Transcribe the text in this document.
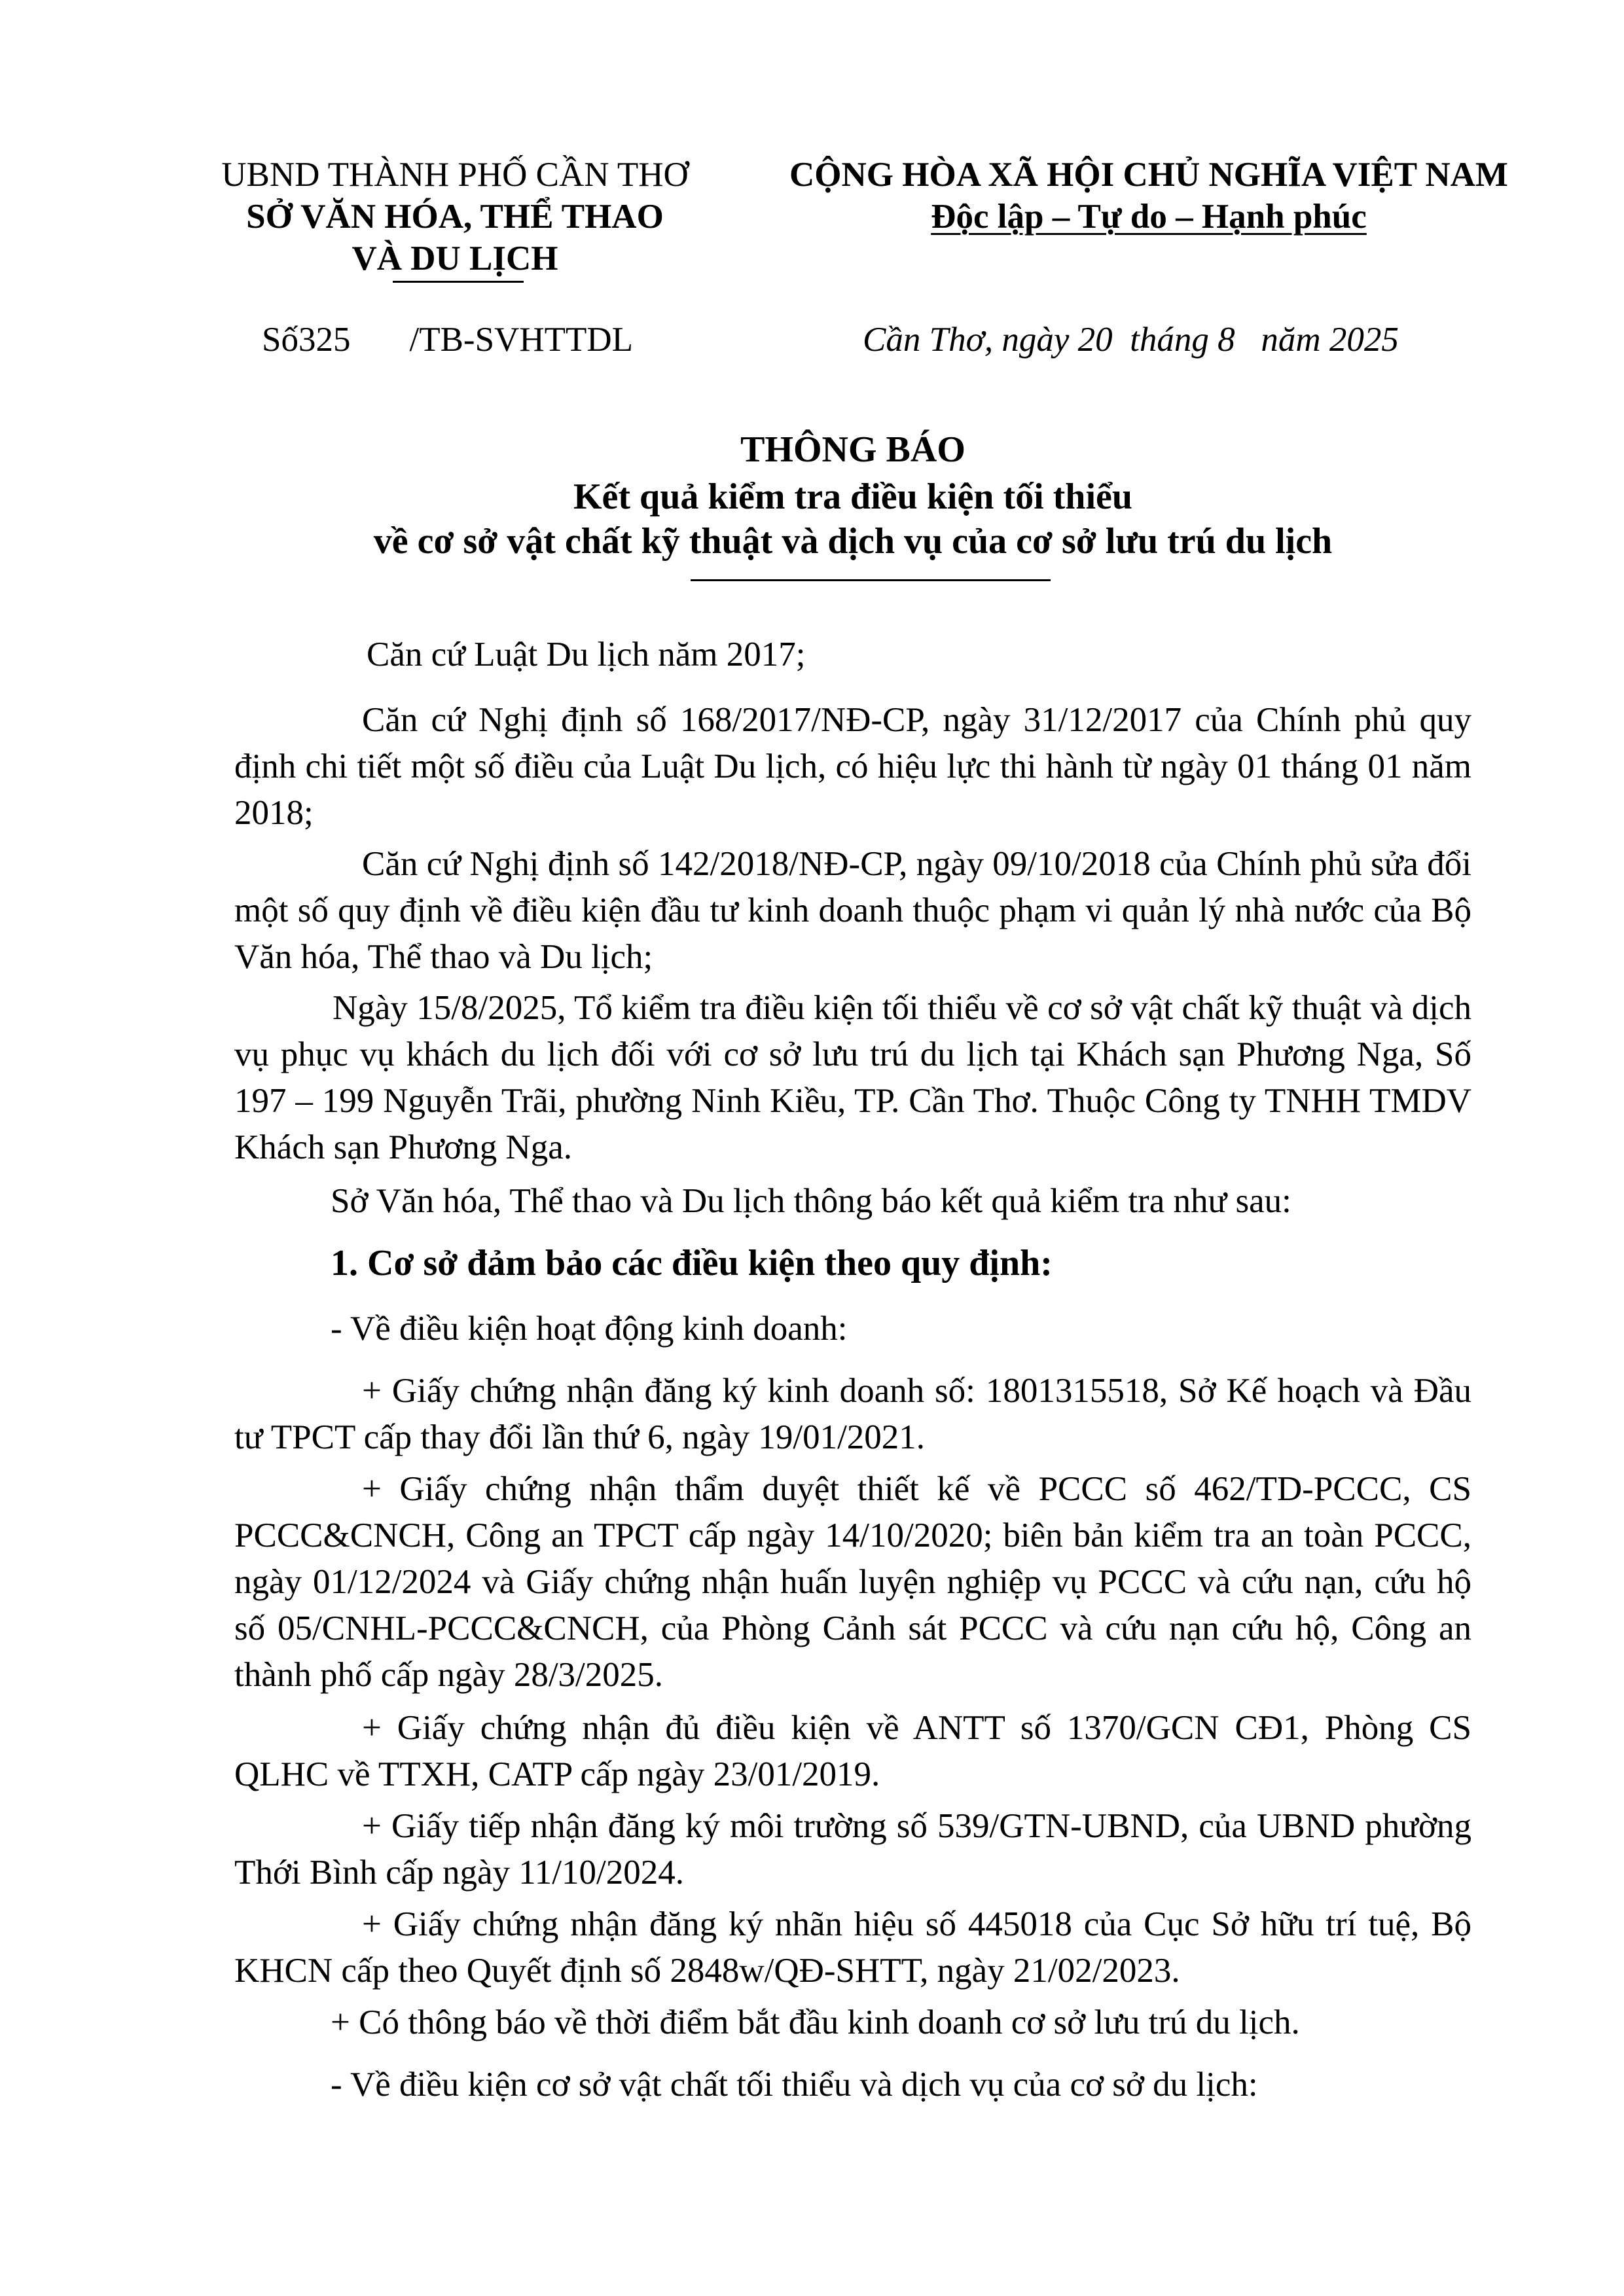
UBND THÀNH PHỐ CẦN THƠ
SỞ VĂN HÓA, THỂ THAO
VÀ DU LỊCH
CỘNG HÒA XÃ HỘI CHỦ NGHĨA VIỆT NAM
Độc lập – Tự do – Hạnh phúc
Số325 /TB-SVHTTDL	Cần Thơ, ngày 20  tháng 8   năm 2025
THÔNG BÁO
Kết quả kiểm tra điều kiện tối thiểu
về cơ sở vật chất kỹ thuật và dịch vụ của cơ sở lưu trú du lịch
Căn cứ Luật Du lịch năm 2017;
Căn cứ Nghị định số 168/2017/NĐ-CP, ngày 31/12/2017 của Chính phủ quy định chi tiết một số điều của Luật Du lịch, có hiệu lực thi hành từ ngày 01 tháng 01 năm 2018;
Căn cứ Nghị định số 142/2018/NĐ-CP, ngày 09/10/2018 của Chính phủ sửa đổi một số quy định về điều kiện đầu tư kinh doanh thuộc phạm vi quản lý nhà nước của Bộ Văn hóa, Thể thao và Du lịch;
Ngày 15/8/2025, Tổ kiểm tra điều kiện tối thiểu về cơ sở vật chất kỹ thuật và dịch vụ phục vụ khách du lịch đối với cơ sở lưu trú du lịch tại Khách sạn Phương Nga, Số 197 – 199 Nguyễn Trãi, phường Ninh Kiều, TP. Cần Thơ. Thuộc Công ty TNHH TMDV Khách sạn Phương Nga.
Sở Văn hóa, Thể thao và Du lịch thông báo kết quả kiểm tra như sau:
1. Cơ sở đảm bảo các điều kiện theo quy định:
- Về điều kiện hoạt động kinh doanh:
+ Giấy chứng nhận đăng ký kinh doanh số: 1801315518, Sở Kế hoạch và Đầu tư TPCT cấp thay đổi lần thứ 6, ngày 19/01/2021.
+ Giấy chứng nhận thẩm duyệt thiết kế về PCCC số 462/TD-PCCC, CS PCCC&CNCH, Công an TPCT cấp ngày 14/10/2020; biên bản kiểm tra an toàn PCCC, ngày 01/12/2024 và Giấy chứng nhận huấn luyện nghiệp vụ PCCC và cứu nạn, cứu hộ số 05/CNHL-PCCC&CNCH, của Phòng Cảnh sát PCCC và cứu nạn cứu hộ, Công an thành phố cấp ngày 28/3/2025.
+ Giấy chứng nhận đủ điều kiện về ANTT số 1370/GCN CĐ1, Phòng CS QLHC về TTXH, CATP cấp ngày 23/01/2019.
+ Giấy tiếp nhận đăng ký môi trường số 539/GTN-UBND, của UBND phường Thới Bình cấp ngày 11/10/2024.
+ Giấy chứng nhận đăng ký nhãn hiệu số 445018 của Cục Sở hữu trí tuệ, Bộ KHCN cấp theo Quyết định số 2848w/QĐ-SHTT, ngày 21/02/2023.
+ Có thông báo về thời điểm bắt đầu kinh doanh cơ sở lưu trú du lịch.
- Về điều kiện cơ sở vật chất tối thiểu và dịch vụ của cơ sở du lịch:
